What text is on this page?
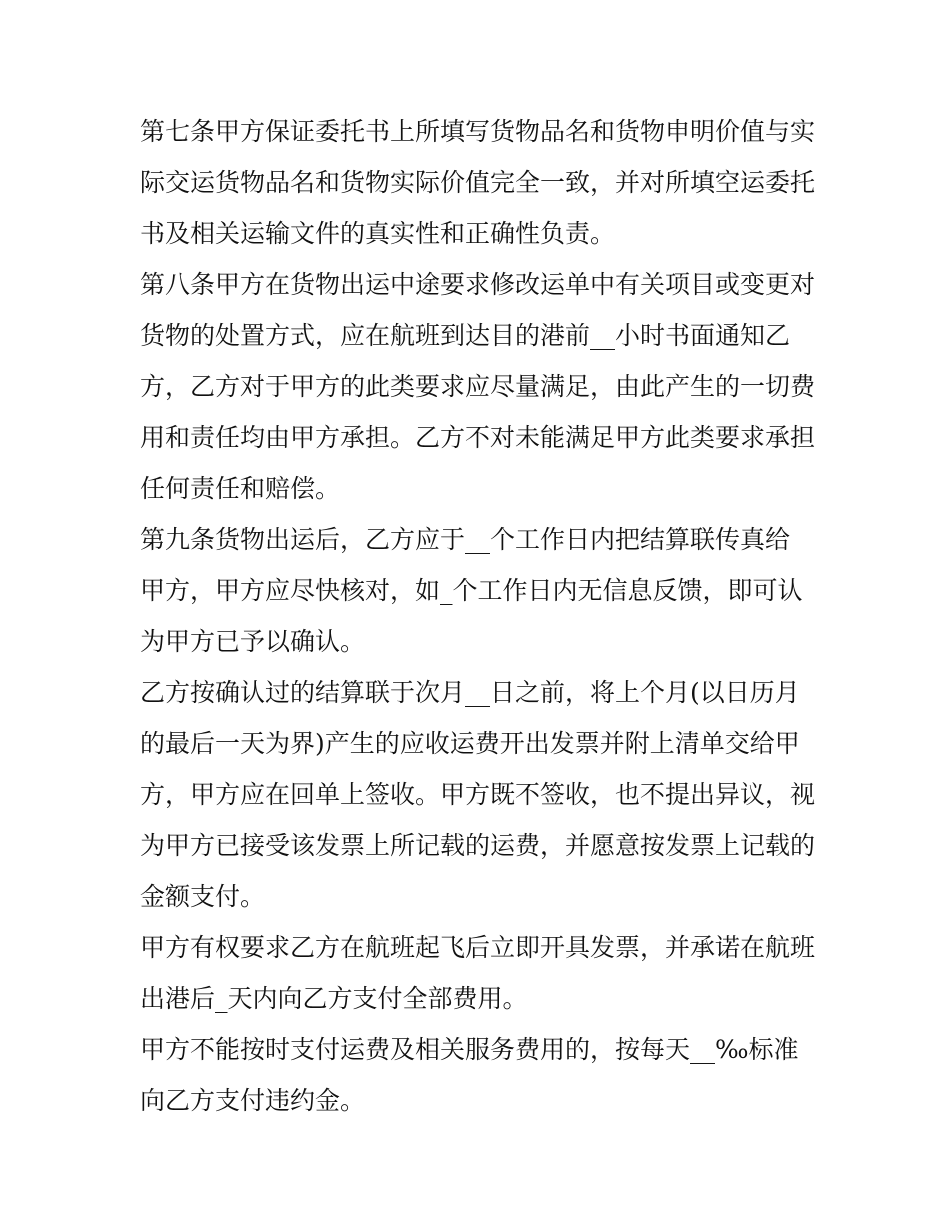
第七条甲方保证委托书上所填写货物品名和货物申明价值与实
际交运货物品名和货物实际价值完全一致，并对所填空运委托
书及相关运输文件的真实性和正确性负责。
第八条甲方在货物出运中途要求修改运单中有关项目或变更对
货物的处置方式，应在航班到达目的港前__小时书面通知乙
方，乙方对于甲方的此类要求应尽量满足，由此产生的一切费
用和责任均由甲方承担。乙方不对未能满足甲方此类要求承担
任何责任和赔偿。
第九条货物出运后，乙方应于__个工作日内把结算联传真给
甲方，甲方应尽快核对，如_个工作日内无信息反馈，即可认
为甲方已予以确认。
乙方按确认过的结算联于次月__日之前，将上个月(以日历月
的最后一天为界)产生的应收运费开出发票并附上清单交给甲
方，甲方应在回单上签收。甲方既不签收，也不提出异议，视
为甲方已接受该发票上所记载的运费，并愿意按发票上记载的
金额支付。
甲方有权要求乙方在航班起飞后立即开具发票，并承诺在航班
出港后_天内向乙方支付全部费用。
甲方不能按时支付运费及相关服务费用的，按每天__‰标准
向乙方支付违约金。
